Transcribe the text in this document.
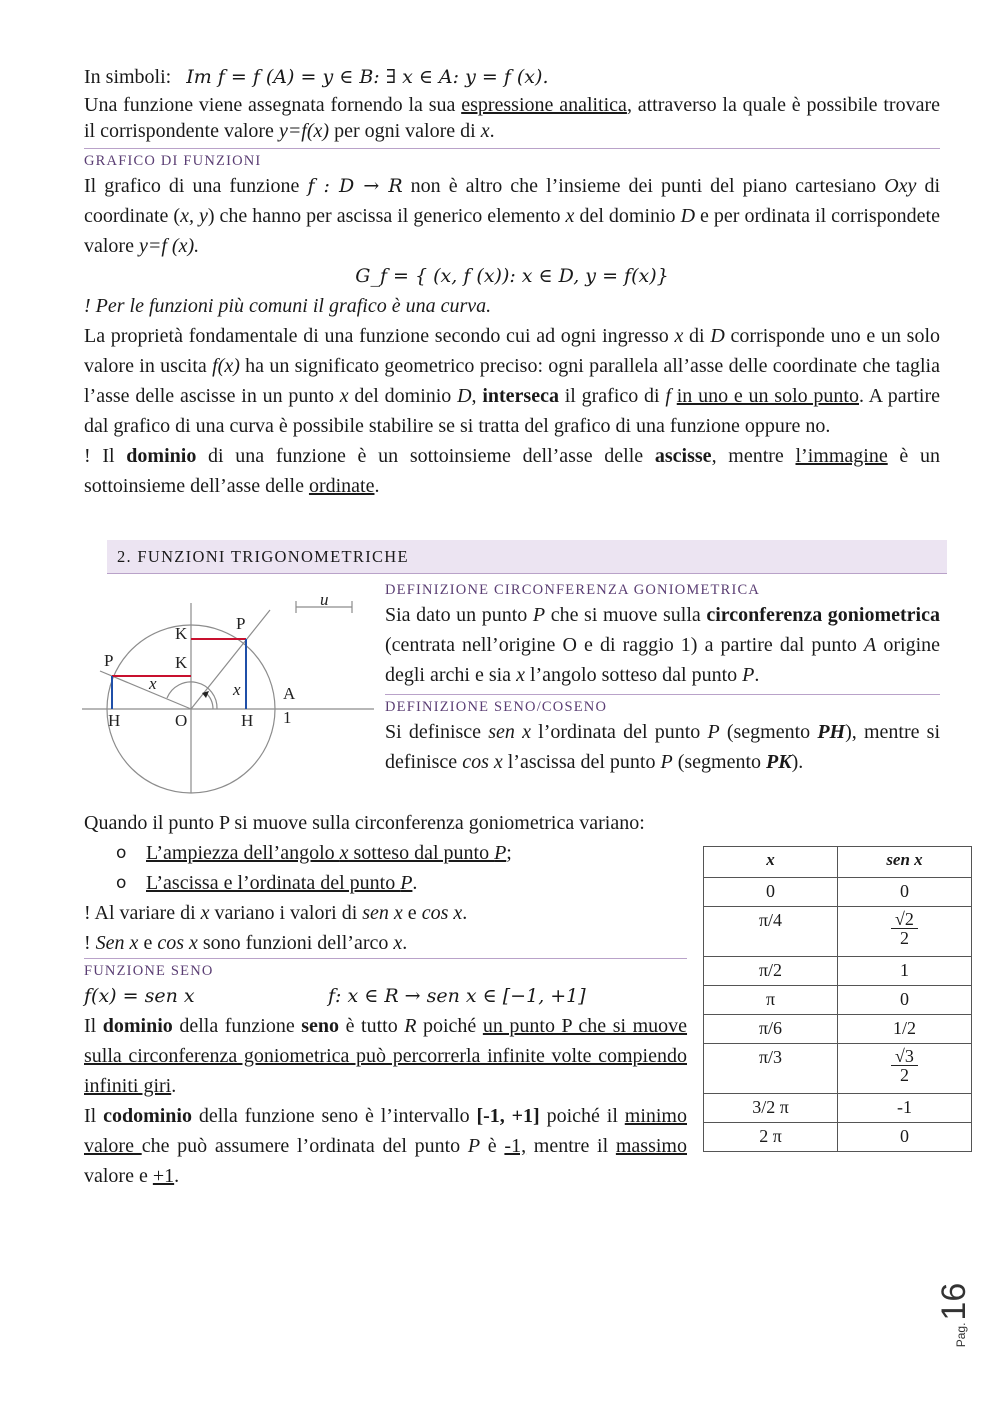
In simboli: Im f = f (A) = y ∈ B: ∃ x ∈ A: y = f (x).

Una funzione viene assegnata fornendo la sua espressione analitica, attraverso la quale è possibile trovare il corrispondente valore y=f(x) per ogni valore di x.

GRAFICO DI FUNZIONI

Il grafico di una funzione f : D → R non è altro che l’insieme dei punti del piano cartesiano Oxy di coordinate (x, y) che hanno per ascissa il generico elemento x del dominio D e per ordinata il corrispondete valore y=f (x).

G_f = { (x, f (x)): x ∈ D, y = f(x)}

! Per le funzioni più comuni il grafico è una curva.

La proprietà fondamentale di una funzione secondo cui ad ogni ingresso x di D corrisponde uno e un solo valore in uscita f(x) ha un significato geometrico preciso: ogni parallela all’asse delle coordinate che taglia l’asse delle ascisse in un punto x del dominio D, interseca il grafico di f in uno e un solo punto. A partire dal grafico di una curva è possibile stabilire se si tratta del grafico di una funzione oppure no.

! Il dominio di una funzione è un sottoinsieme dell’asse delle ascisse, mentre l’immagine è un sottoinsieme dell’asse delle ordinate.

2. FUNZIONI TRIGONOMETRICHE
u
P
K
K
P
x	x A
H	O	H 1
DEFINIZIONE CIRCONFERENZA GONIOMETRICA

Sia dato un punto P che si muove sulla circonferenza goniometrica (centrata nell’origine O e di raggio 1) a partire dal punto A origine degli archi e sia x l’angolo sotteso dal punto P.

DEFINIZIONE SENO/COSENO

Si definisce sen x l’ordinata del punto P (segmento PH), mentre si definisce cos x l’ascissa del punto P (segmento PK).

Quando il punto P si muove sulla circonferenza goniometrica variano:

o L’ampiezza dell’angolo x sotteso dal punto P;
o L’ascissa e l’ordinata del punto P.

! Al variare di x variano i valori di sen x e cos x.

! Sen x e cos x sono funzioni dell’arco x.

FUNZIONE SENO

f(x) = sen x	f: x ∈ R → sen x ∈ [−1, +1]

Il dominio della funzione seno è tutto R poiché un punto P che si muove sulla circonferenza goniometrica può percorrerla infinite volte compiendo infiniti giri.

Il codominio della funzione seno è l’intervallo [-1, +1] poiché il minimo valore che può assumere l’ordinata del punto P è -1, mentre il massimo valore e +1.

x	sen x
0	0
π/4	$\frac{√2}{2}$

π/2	1
π	0
π/6	1/2
π/3	$\frac{√3}{2}$

3/2 π	-1
2 π	0
Pag.
16
